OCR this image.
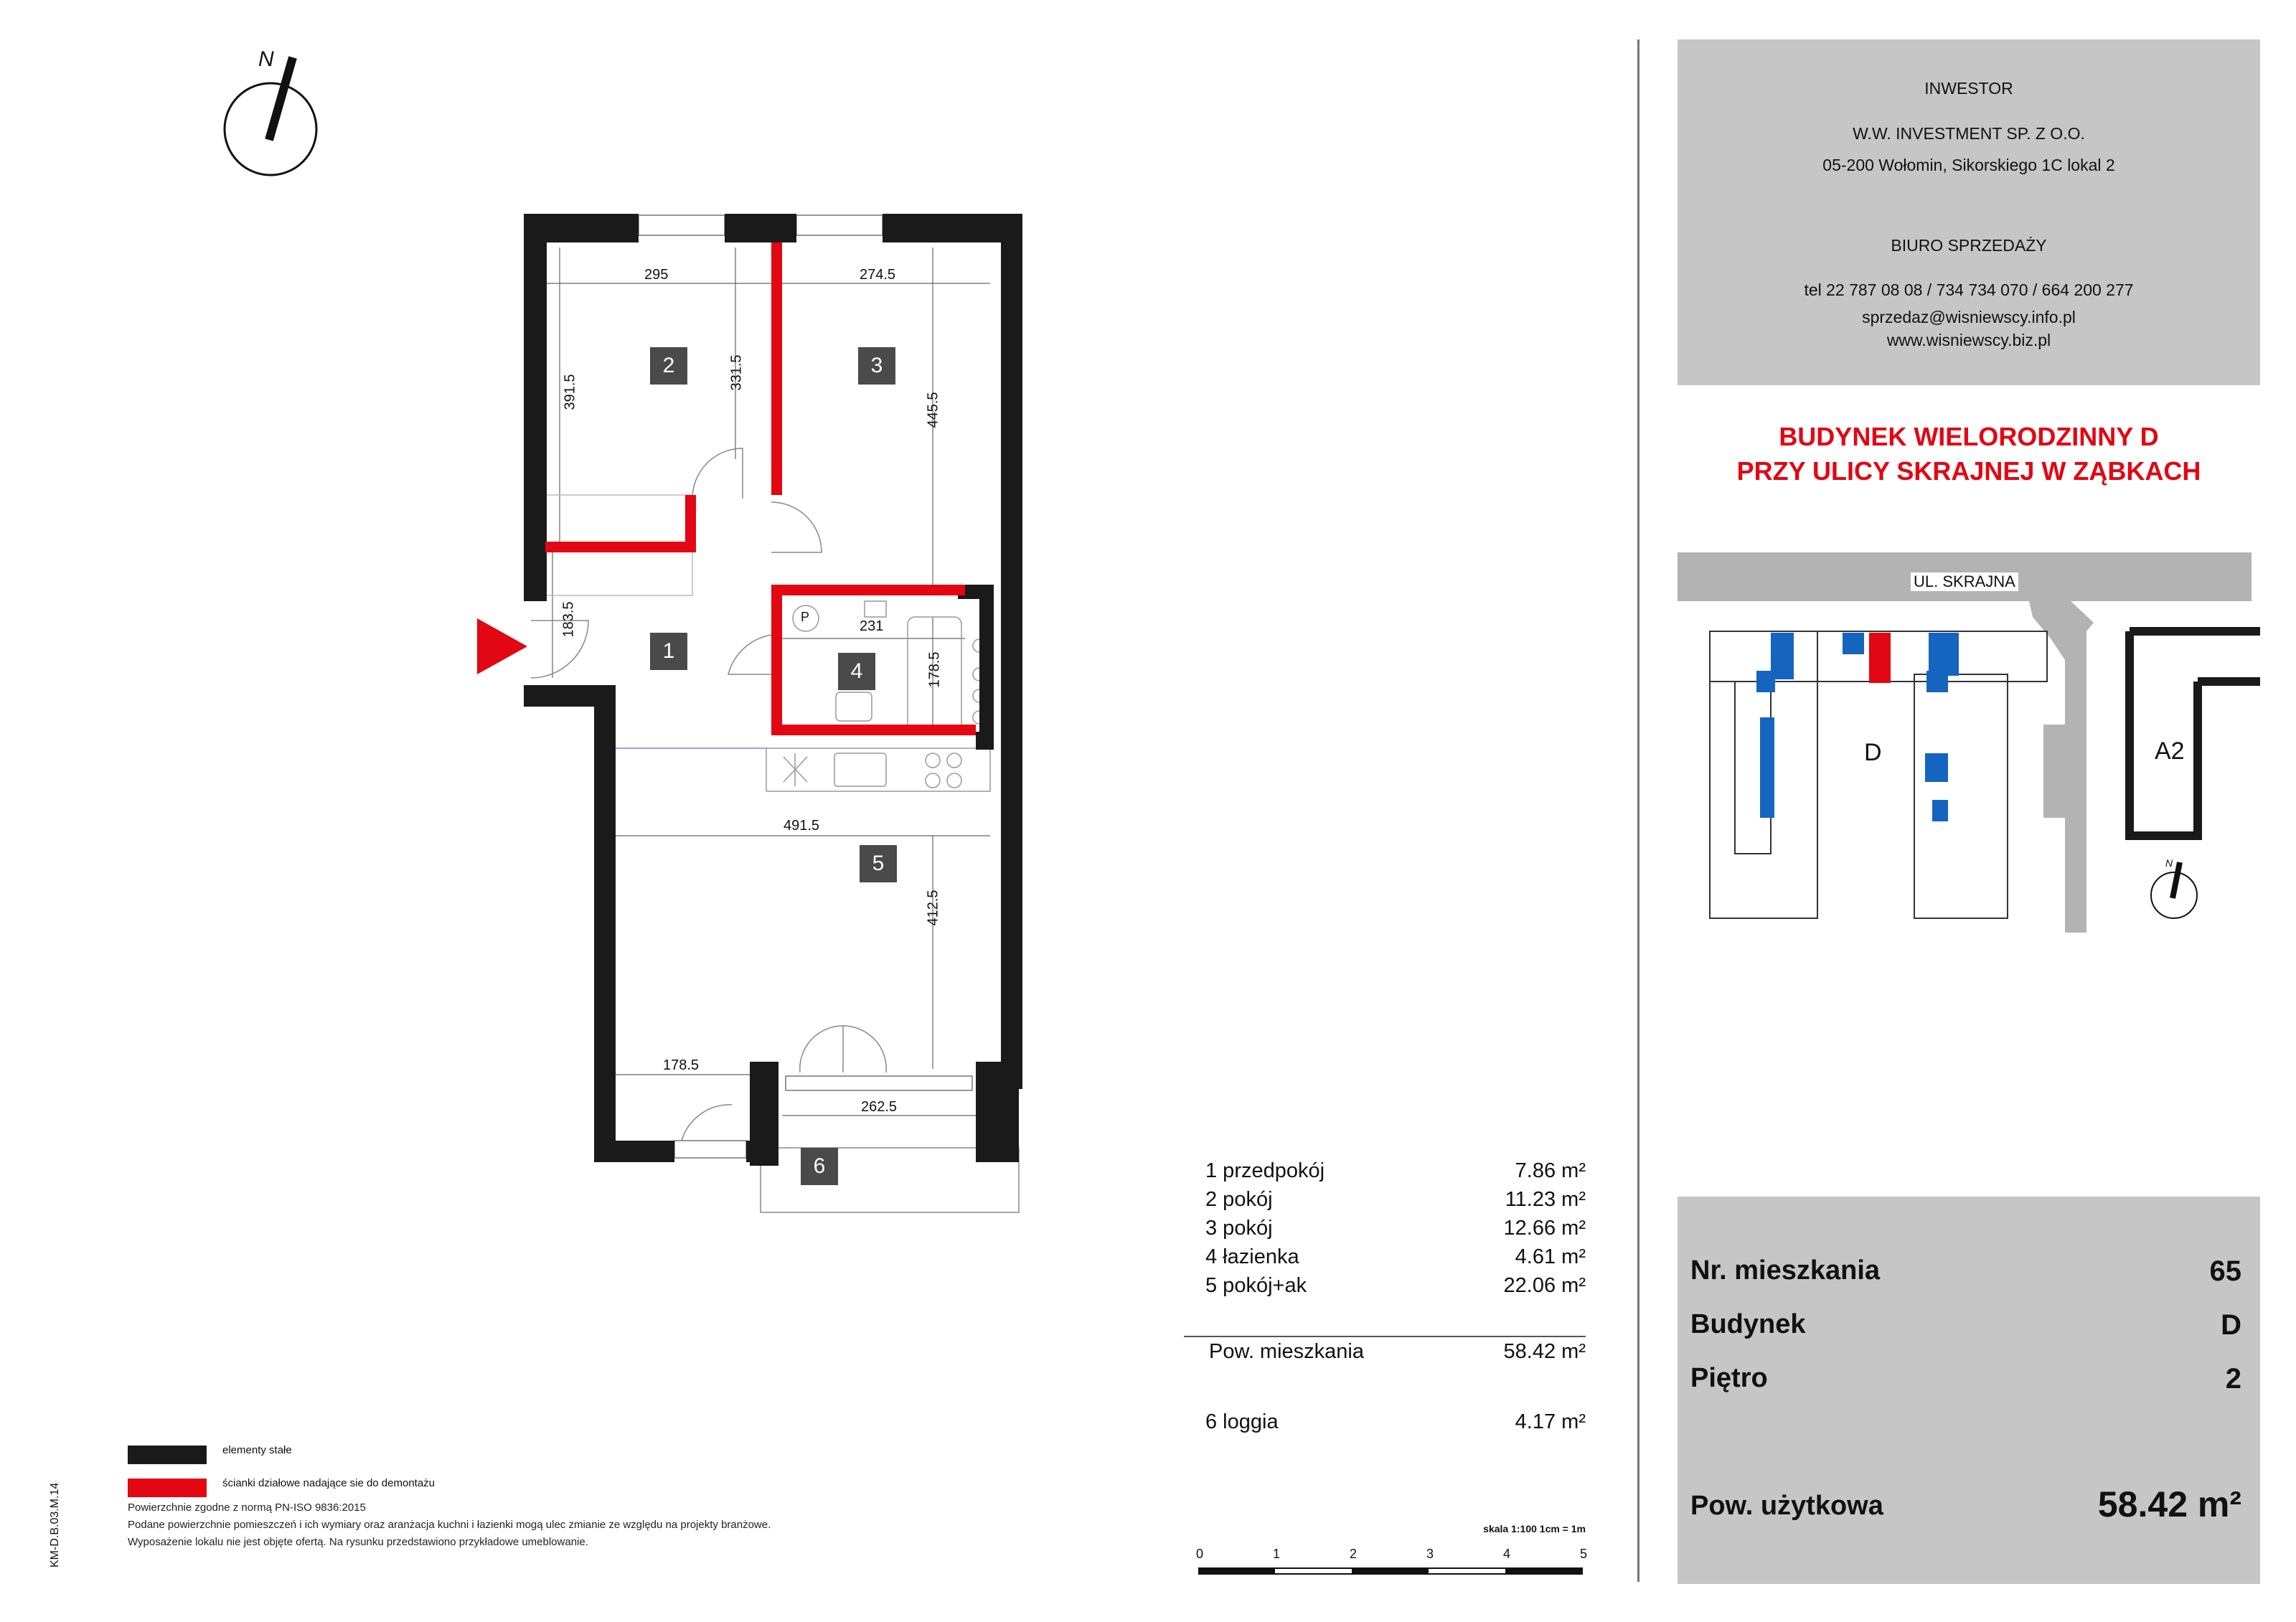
N
2	3
1
4
5
6
P
295	274.5
391.5
331.5
445.5
183.5	231
178.5
491.5
412.5
178.5
262.5
1 przedpokój	7.86 m²
2 pokój	11.23 m²
3 pokój	12.66 m²
4 łazienka	4.61 m²
5 pokój+ak	22.06 m²
Pow. mieszkania	58.42 m²
6 loggia	4.17 m²
skala 1:100 1cm = 1m
0	1	2	3	4	5
elementy stałe
ścianki działowe nadające sie do demontażu
Powierzchnie zgodne z normą PN-ISO 9836:2015
Podane powierzchnie pomieszczeń i ich wymiary oraz aranżacja kuchni i łazienki mogą ulec zmianie ze względu na projekty branżowe.
Wyposażenie lokalu nie jest objęte ofertą. Na rysunku przedstawiono przykładowe umeblowanie.
KM-D.B.03.M.14
INWESTOR
W.W. INVESTMENT SP. Z O.O.
05-200 Wołomin, Sikorskiego 1C lokal 2
BIURO SPRZEDAŻY
tel 22 787 08 08 / 734 734 070 / 664 200 277
sprzedaz@wisniewscy.info.pl
www.wisniewscy.biz.pl
BUDYNEK WIELORODZINNY D
PRZY ULICY SKRAJNEJ W ZĄBKACH
UL. SKRAJNA
D	A2
N
Nr. mieszkania	65
Budynek	D
Piętro	2
Pow. użytkowa	58.42 m²
